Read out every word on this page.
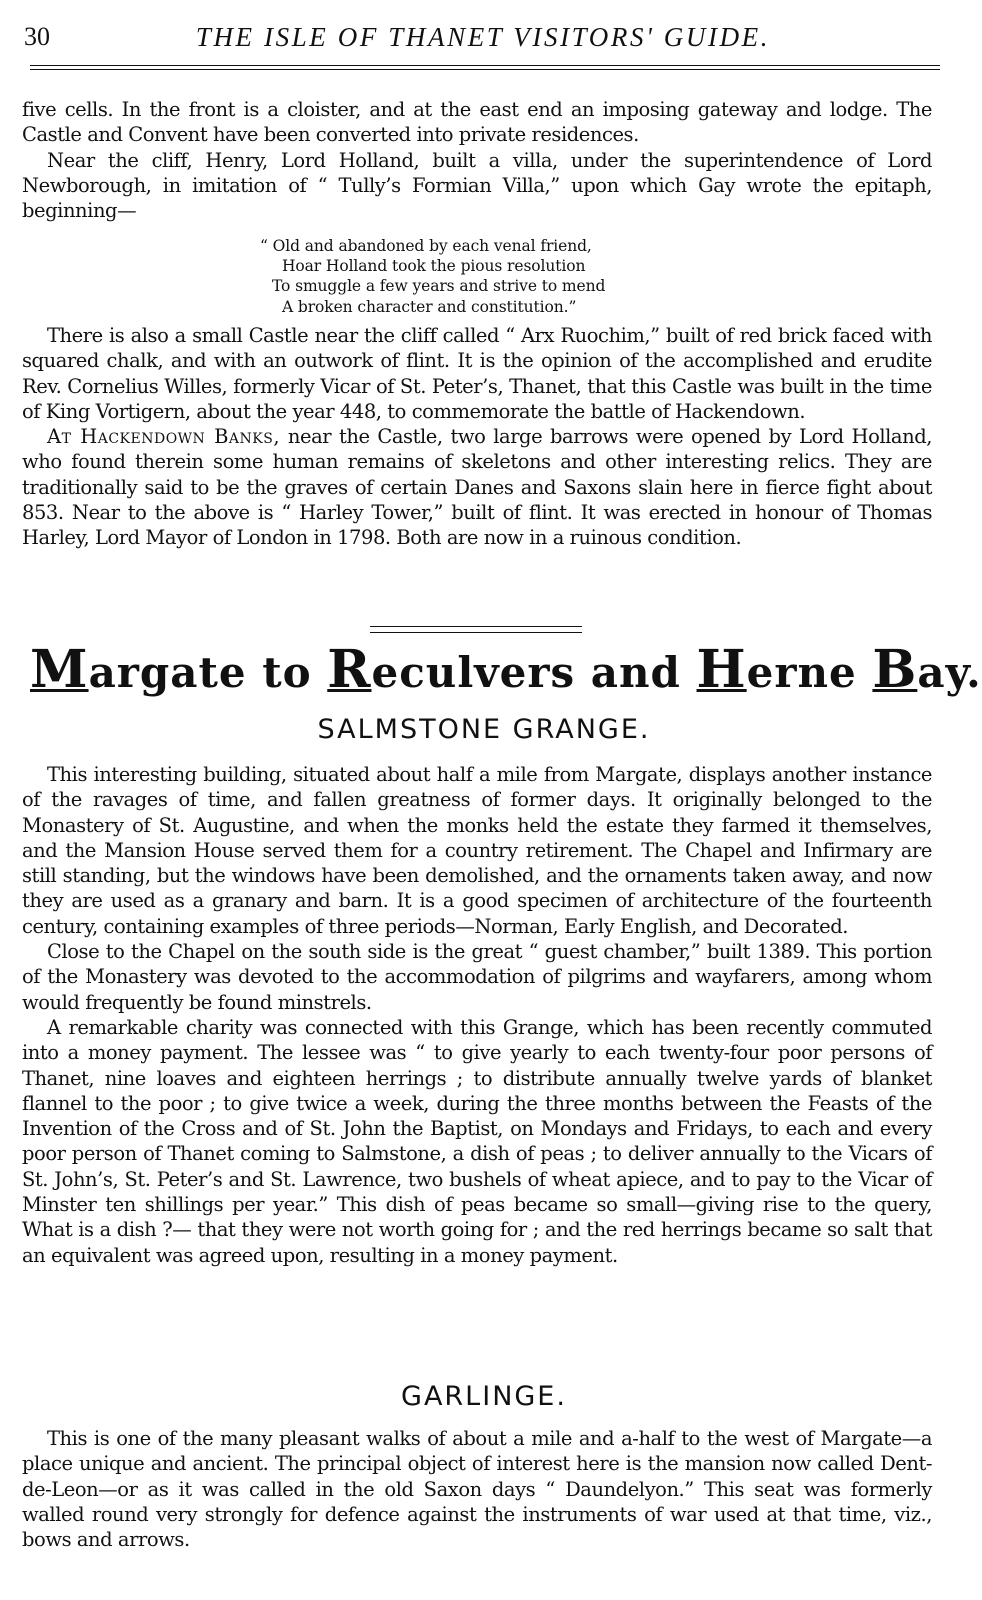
30	THE ISLE OF THANET VISITORS' GUIDE.

five cells. In the front is a cloister, and at the east end an imposing gateway and lodge. The Castle and Convent have been converted into private residences.

Near the cliff, Henry, Lord Holland, built a villa, under the superintendence of Lord Newborough, in imitation of “ Tully’s Formian Villa,” upon which Gay wrote the epitaph, beginning—

“ Old and abandoned by each venal friend,
Hoar Holland took the pious resolution
To smuggle a few years and strive to mend
A broken character and constitution.”

There is also a small Castle near the cliff called “ Arx Ruochim,” built of red brick faced with squared chalk, and with an outwork of flint. It is the opinion of the accomplished and erudite Rev. Cornelius Willes, formerly Vicar of St. Peter’s, Thanet, that this Castle was built in the time of King Vortigern, about the year 448, to commemorate the battle of Hackendown.

At Hackendown Banks, near the Castle, two large barrows were opened by Lord Holland, who found therein some human remains of skeletons and other interesting relics. They are traditionally said to be the graves of certain Danes and Saxons slain here in fierce fight about 853. Near to the above is “ Harley Tower,” built of flint. It was erected in honour of Thomas Harley, Lord Mayor of London in 1798. Both are now in a ruinous condition.

Margate to Reculvers and Herne Bay.
SALMSTONE GRANGE.

This interesting building, situated about half a mile from Margate, displays another instance of the ravages of time, and fallen greatness of former days. It originally belonged to the Monastery of St. Augustine, and when the monks held the estate they farmed it themselves, and the Mansion House served them for a country retirement. The Chapel and Infirmary are still standing, but the windows have been demolished, and the ornaments taken away, and now they are used as a granary and barn. It is a good specimen of architecture of the fourteenth century, containing examples of three periods—Norman, Early English, and Decorated.

Close to the Chapel on the south side is the great “ guest chamber,” built 1389. This portion of the Monastery was devoted to the accommodation of pilgrims and wayfarers, among whom would frequently be found minstrels.

A remarkable charity was connected with this Grange, which has been recently commuted into a money payment. The lessee was “ to give yearly to each twenty-four poor persons of Thanet, nine loaves and eighteen herrings ; to distribute annually twelve yards of blanket flannel to the poor ; to give twice a week, during the three months between the Feasts of the Invention of the Cross and of St. John the Baptist, on Mondays and Fridays, to each and every poor person of Thanet coming to Salmstone, a dish of peas ; to deliver annually to the Vicars of St. John’s, St. Peter’s and St. Lawrence, two bushels of wheat apiece, and to pay to the Vicar of Minster ten shillings per year.” This dish of peas became so small—giving rise to the query, What is a dish ?— that they were not worth going for ; and the red herrings became so salt that an equivalent was agreed upon, resulting in a money payment.

GARLINGE.

This is one of the many pleasant walks of about a mile and a-half to the west of Margate—a place unique and ancient. The principal object of interest here is the mansion now called Dent-de-Leon—or as it was called in the old Saxon days “ Daundelyon.” This seat was formerly walled round very strongly for defence against the instruments of war used at that time, viz., bows and arrows.
